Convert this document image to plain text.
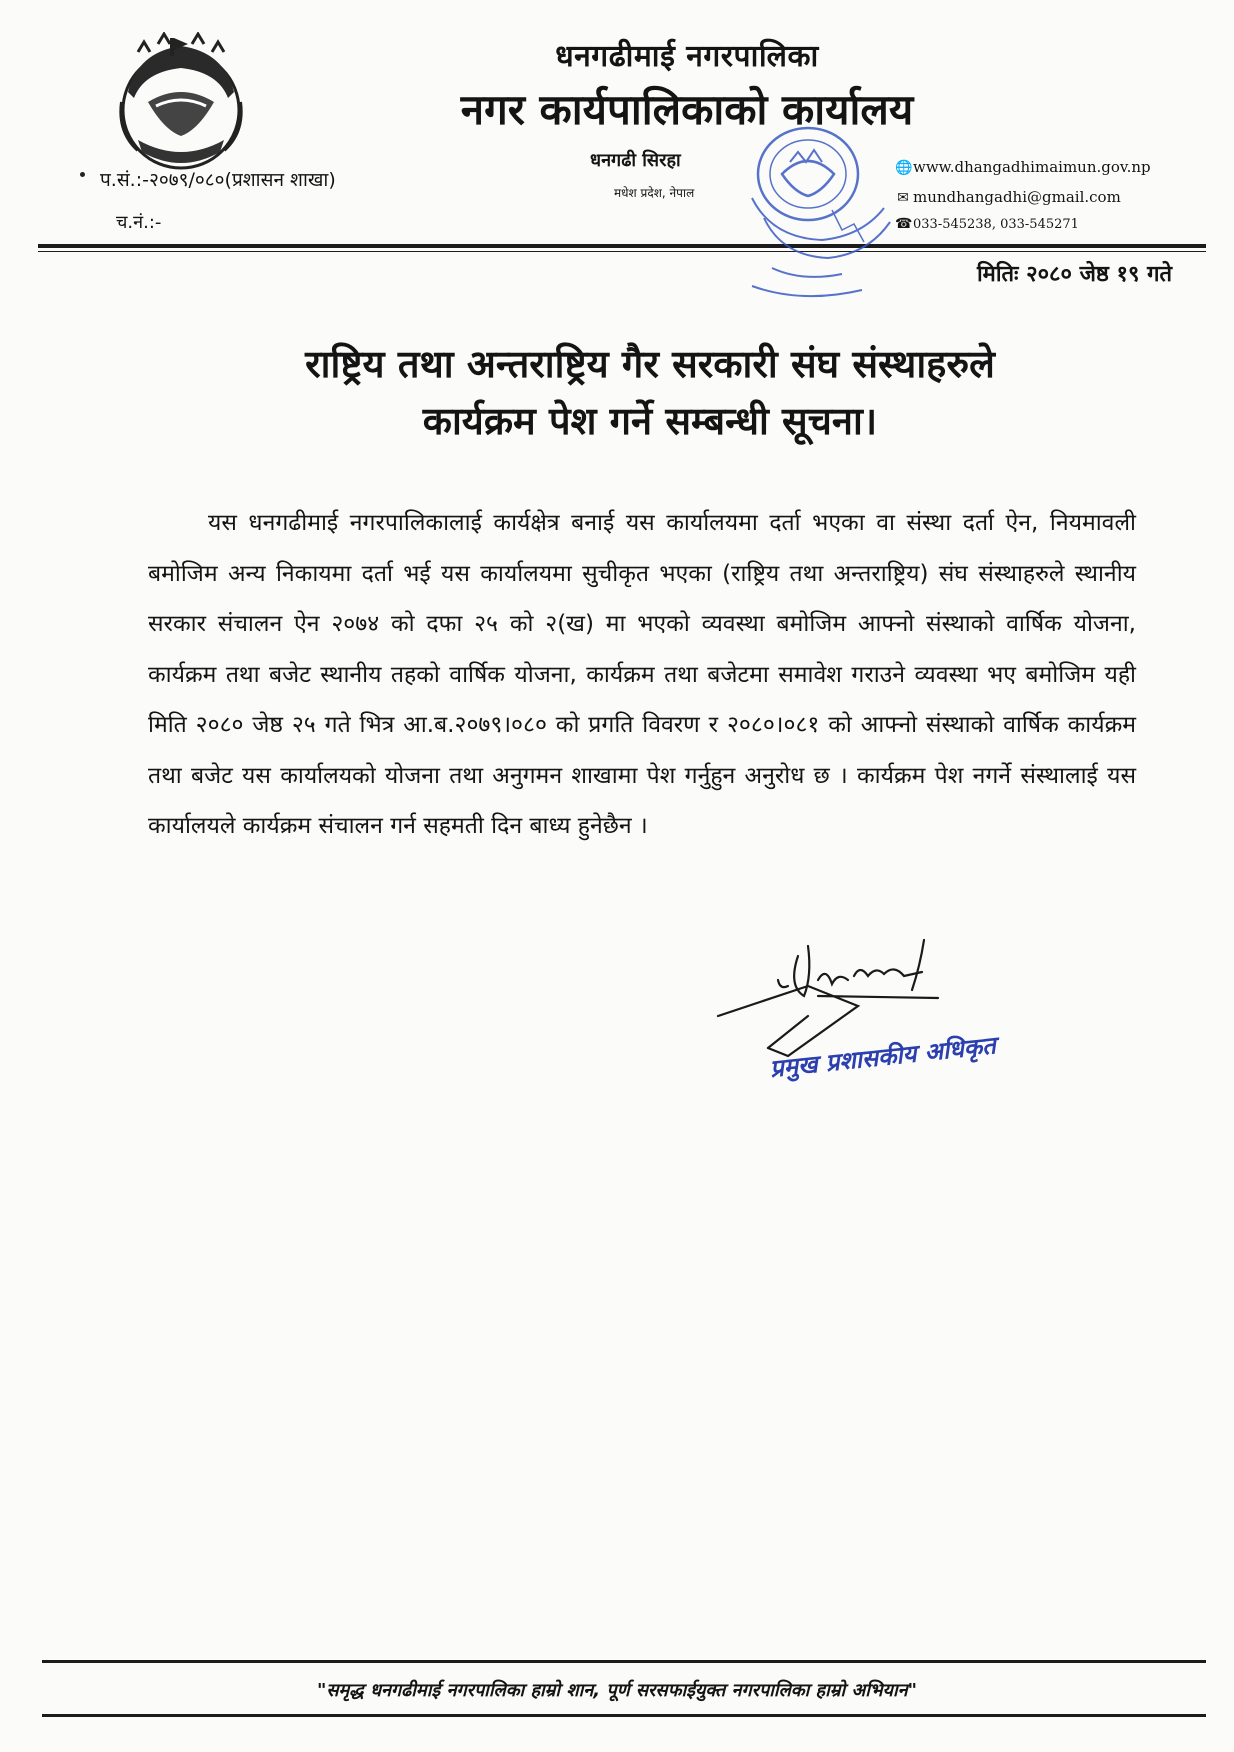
धनगढीमाई नगरपालिका
नगर कार्यपालिकाको कार्यालय
धनगढी सिरहा
मधेश प्रदेश, नेपाल
प.सं.:-२०७९/०८०(प्रशासन शाखा)
च.नं.:-
🌐www.dhangadhimaimun.gov.np
✉ mundhangadhi@gmail.com
☎033-545238, 033-545271
मितिः २०८० जेष्ठ १९ गते
राष्ट्रिय तथा अन्तराष्ट्रिय गैर सरकारी संघ संस्थाहरुले
कार्यक्रम पेश गर्ने सम्बन्धी सूचना।
यस धनगढीमाई नगरपालिकालाई कार्यक्षेत्र बनाई यस कार्यालयमा दर्ता भएका वा संस्था दर्ता ऐन, नियमावली बमोजिम अन्य निकायमा दर्ता भई यस कार्यालयमा सुचीकृत भएका (राष्ट्रिय तथा अन्तराष्ट्रिय) संघ संस्थाहरुले स्थानीय सरकार संचालन ऐन २०७४ को दफा २५ को २(ख) मा भएको व्यवस्था बमोजिम आफ्नो संस्थाको वार्षिक योजना, कार्यक्रम तथा बजेट स्थानीय तहको वार्षिक योजना, कार्यक्रम तथा बजेटमा समावेश गराउने व्यवस्था भए बमोजिम यही मिति २०८० जेष्ठ २५ गते भित्र आ.ब.२०७९।०८० को प्रगति विवरण र २०८०।०८१ को आफ्नो संस्थाको वार्षिक कार्यक्रम तथा बजेट यस कार्यालयको योजना तथा अनुगमन शाखामा पेश गर्नुहुन अनुरोध छ । कार्यक्रम पेश नगर्ने संस्थालाई यस कार्यालयले कार्यक्रम संचालन गर्न सहमती दिन बाध्य हुनेछैन ।
प्रमुख प्रशासकीय अधिकृत
"समृद्ध धनगढीमाई नगरपालिका हाम्रो शान, पूर्ण सरसफाईयुक्त नगरपालिका हाम्रो अभियान"
